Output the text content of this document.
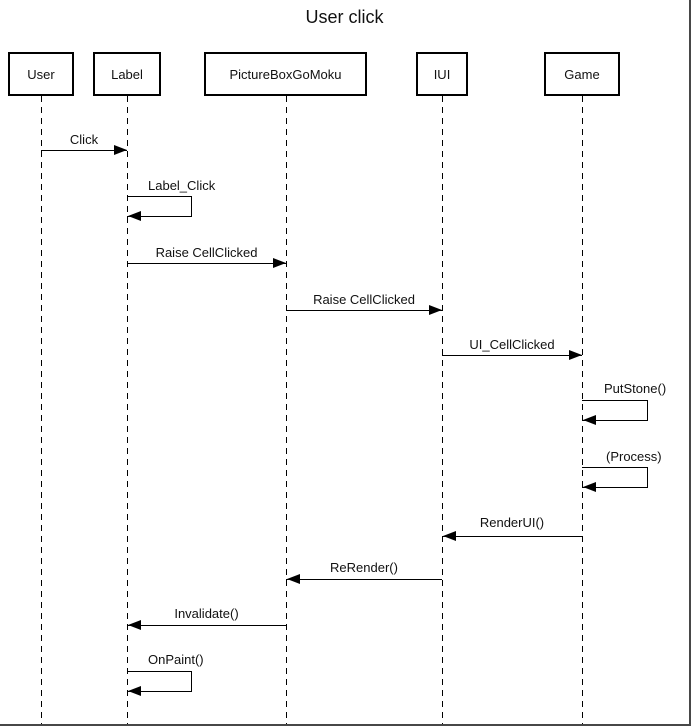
User click
User	Label	PictureBoxGoMoku	IUI	Game
Click
Label_Click
Raise CellClicked
Raise CellClicked
UI_CellClicked
PutStone()
(Process)
RenderUI()
ReRender()
Invalidate()
OnPaint()
